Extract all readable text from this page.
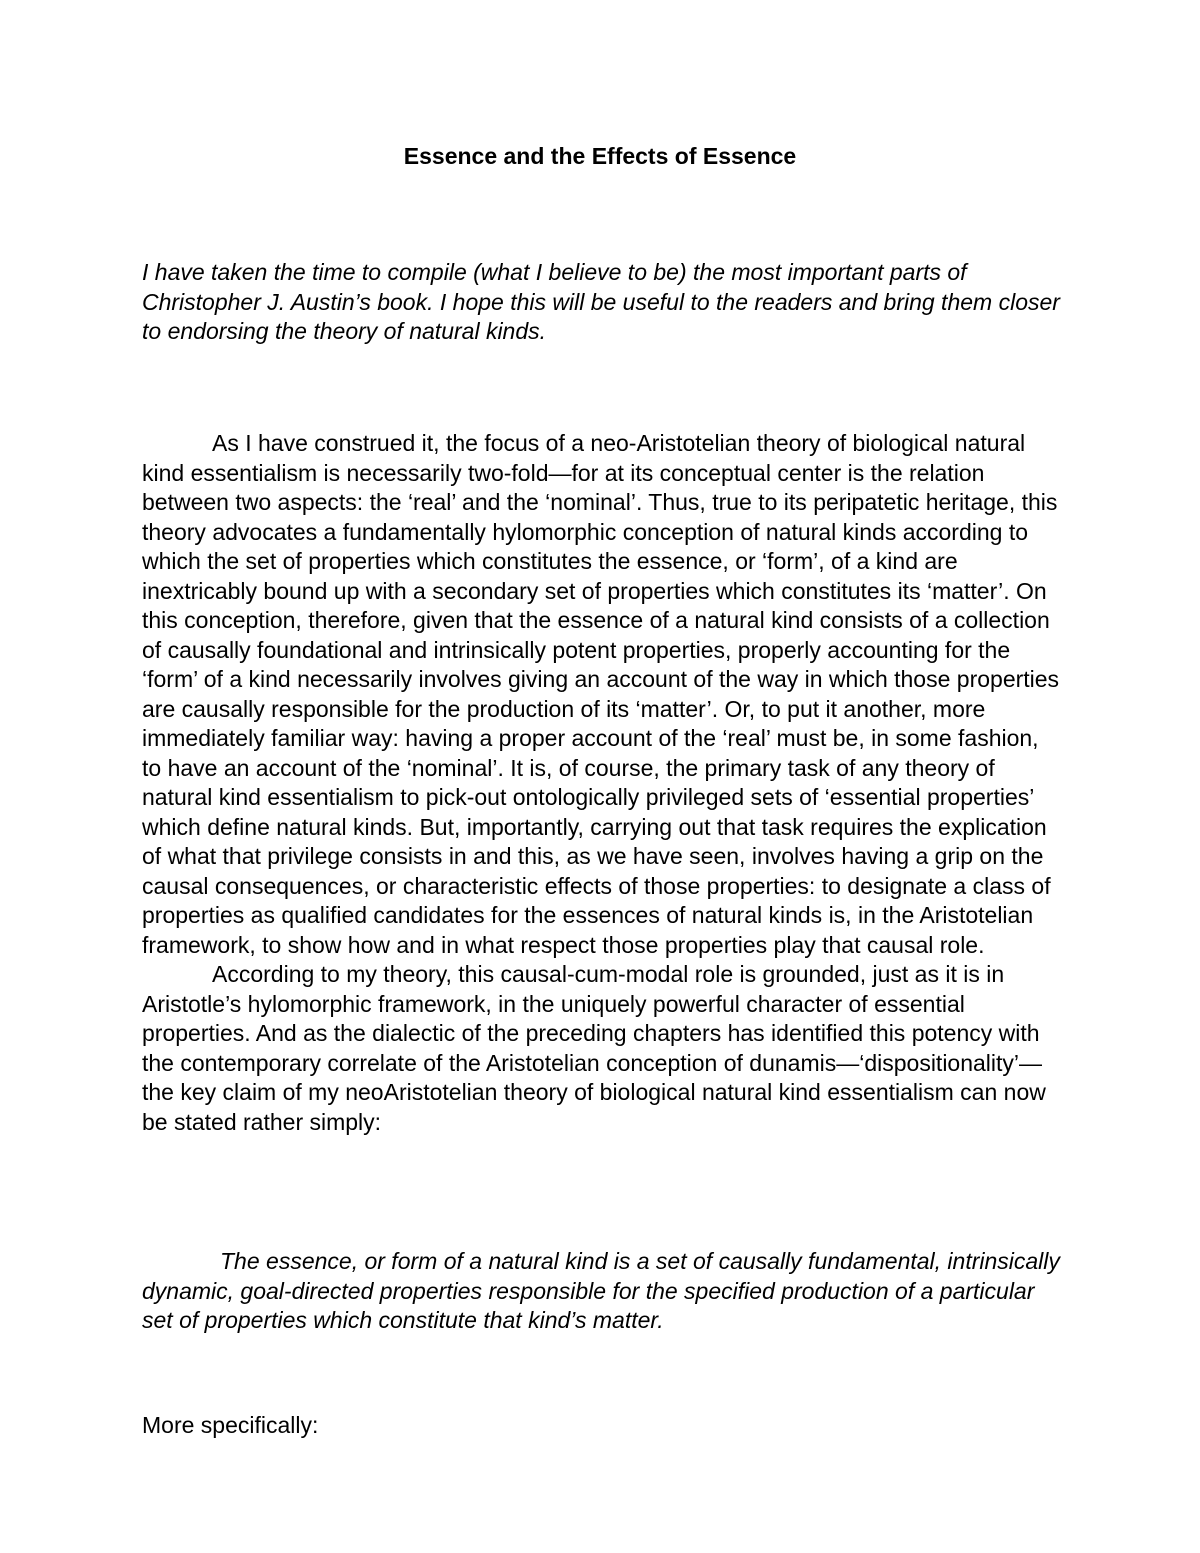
Essence and the Effects of Essence

I have taken the time to compile (what I believe to be) the most important parts of Christopher J. Austin’s book. I hope this will be useful to the readers and bring them closer to endorsing the theory of natural kinds.

As I have construed it, the focus of a neo-Aristotelian theory of biological natural kind essentialism is necessarily two-fold—for at its conceptual center is the relation between two aspects: the ‘real’ and the ‘nominal’. Thus, true to its peripatetic heritage, this theory advocates a fundamentally hylomorphic conception of natural kinds according to which the set of properties which constitutes the essence, or ‘form’, of a kind are inextricably bound up with a secondary set of properties which constitutes its ‘matter’. On this conception, therefore, given that the essence of a natural kind consists of a collection of causally foundational and intrinsically potent properties, properly accounting for the ‘form’ of a kind necessarily involves giving an account of the way in which those properties are causally responsible for the production of its ‘matter’. Or, to put it another, more immediately familiar way: having a proper account of the ‘real’ must be, in some fashion, to have an account of the ‘nominal’. It is, of course, the primary task of any theory of natural kind essentialism to pick-out ontologically privileged sets of ‘essential properties’ which define natural kinds. But, importantly, carrying out that task requires the explication of what that privilege consists in and this, as we have seen, involves having a grip on the causal consequences, or characteristic effects of those properties: to designate a class of properties as qualified candidates for the essences of natural kinds is, in the Aristotelian framework, to show how and in what respect those properties play that causal role.

According to my theory, this causal-cum-modal role is grounded, just as it is in Aristotle’s hylomorphic framework, in the uniquely powerful character of essential properties. And as the dialectic of the preceding chapters has identified this potency with the contemporary correlate of the Aristotelian conception of dunamis—‘dispositionality’—the key claim of my neoAristotelian theory of biological natural kind essentialism can now be stated rather simply:

The essence, or form of a natural kind is a set of causally fundamental, intrinsically dynamic, goal-directed properties responsible for the specified production of a particular set of properties which constitute that kind’s matter.

More specifically:
